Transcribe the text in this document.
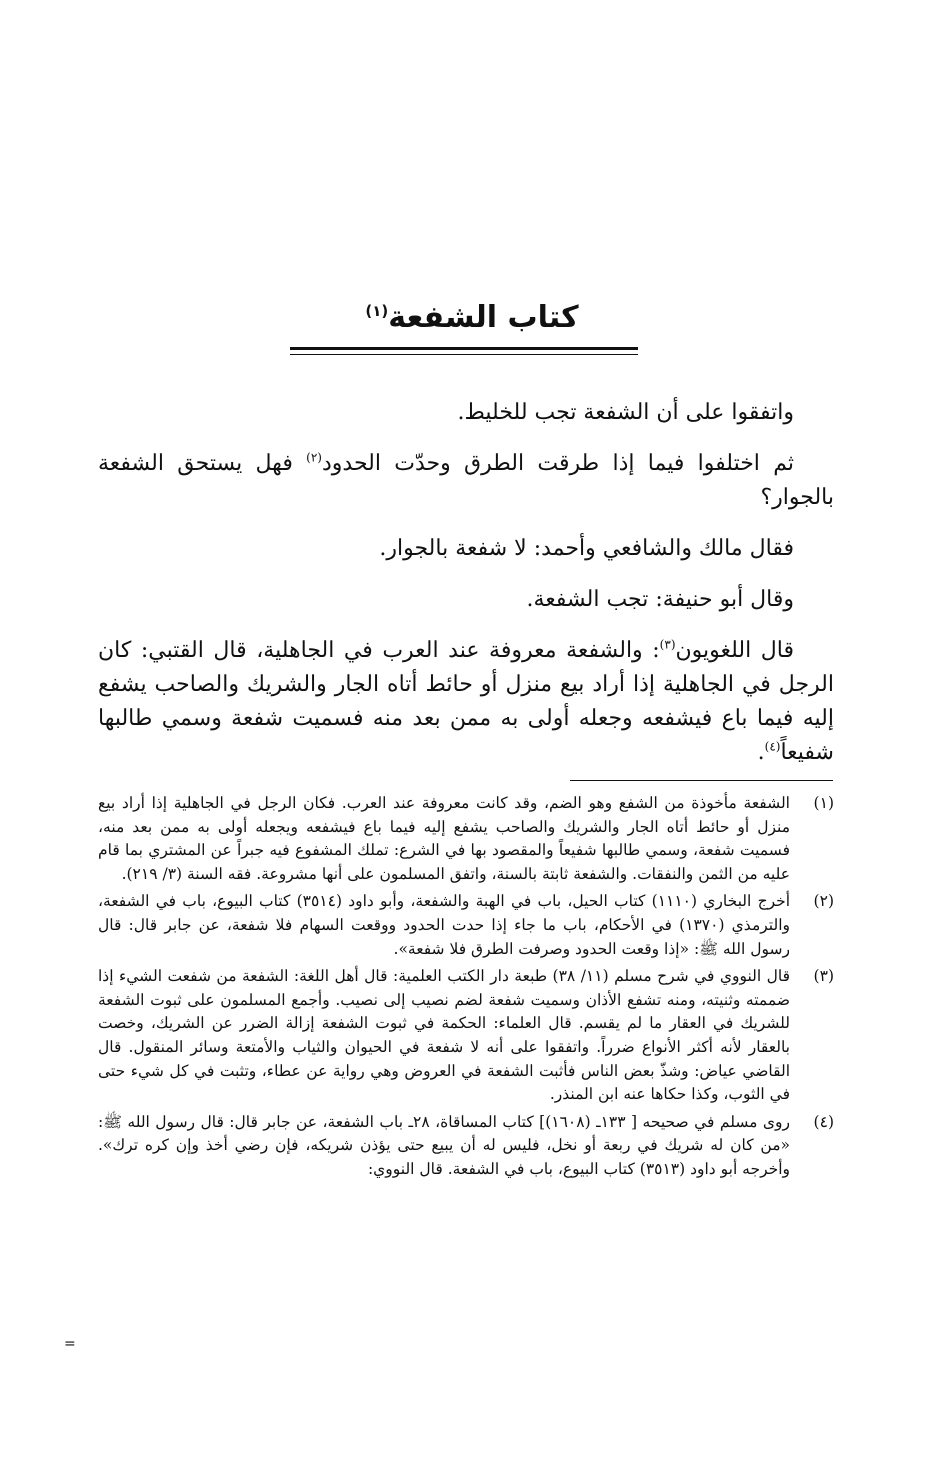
كتاب الشفعة$^{(١)}$

واتفقوا على أن الشفعة تجب للخليط.

ثم اختلفوا فيما إذا طرقت الطرق وحدّت الحدود$^{(٢)}$ فهل يستحق الشفعة بالجوار؟

فقال مالك والشافعي وأحمد: لا شفعة بالجوار.

وقال أبو حنيفة: تجب الشفعة.

قال اللغويون$^{(٣)}$: والشفعة معروفة عند العرب في الجاهلية، قال القتبي: كان الرجل في الجاهلية إذا أراد بيع منزل أو حائط أتاه الجار والشريك والصاحب يشفع إليه فيما باع فيشفعه وجعله أولى به ممن بعد منه فسميت شفعة وسمي طالبها شفيعاً$^{(٤)}$.

(١)
الشفعة مأخوذة من الشفع وهو الضم، وقد كانت معروفة عند العرب. فكان الرجل في الجاهلية إذا أراد بيع منزل أو حائط أتاه الجار والشريك والصاحب يشفع إليه فيما باع فيشفعه ويجعله أولى به ممن بعد منه، فسميت شفعة، وسمي طالبها شفيعاً والمقصود بها في الشرع: تملك المشفوع فيه جبراً عن المشتري بما قام عليه من الثمن والنفقات. والشفعة ثابتة بالسنة، واتفق المسلمون على أنها مشروعة. فقه السنة (٣/ ٢١٩).
(٢)
أخرج البخاري (١١١٠) كتاب الحيل، باب في الهبة والشفعة، وأبو داود (٣٥١٤) كتاب البيوع، باب في الشفعة، والترمذي (١٣٧٠) في الأحكام، باب ما جاء إذا حدت الحدود ووقعت السهام فلا شفعة، عن جابر قال: قال رسول الله ﷺ: «إذا وقعت الحدود وصرفت الطرق فلا شفعة».
(٣)
قال النووي في شرح مسلم (١١/ ٣٨) طبعة دار الكتب العلمية: قال أهل اللغة: الشفعة من شفعت الشيء إذا ضممته وثنيته، ومنه تشفع الأذان وسميت شفعة لضم نصيب إلى نصيب. وأجمع المسلمون على ثبوت الشفعة للشريك في العقار ما لم يقسم. قال العلماء: الحكمة في ثبوت الشفعة إزالة الضرر عن الشريك، وخصت بالعقار لأنه أكثر الأنواع ضرراً. واتفقوا على أنه لا شفعة في الحيوان والثياب والأمتعة وسائر المنقول. قال القاضي عياض: وشذّ بعض الناس فأثبت الشفعة في العروض وهي رواية عن عطاء، وتثبت في كل شيء حتى في الثوب، وكذا حكاها عنه ابن المنذر.
(٤)
روى مسلم في صحيحه [ ١٣٣ـ (١٦٠٨)] كتاب المساقاة، ٢٨ـ باب الشفعة، عن جابر قال: قال رسول الله ﷺ: «من كان له شريك في ربعة أو نخل، فليس له أن يبيع حتى يؤذن شريكه، فإن رضي أخذ وإن كره ترك». وأخرجه أبو داود (٣٥١٣) كتاب البيوع، باب في الشفعة. قال النووي:
=
